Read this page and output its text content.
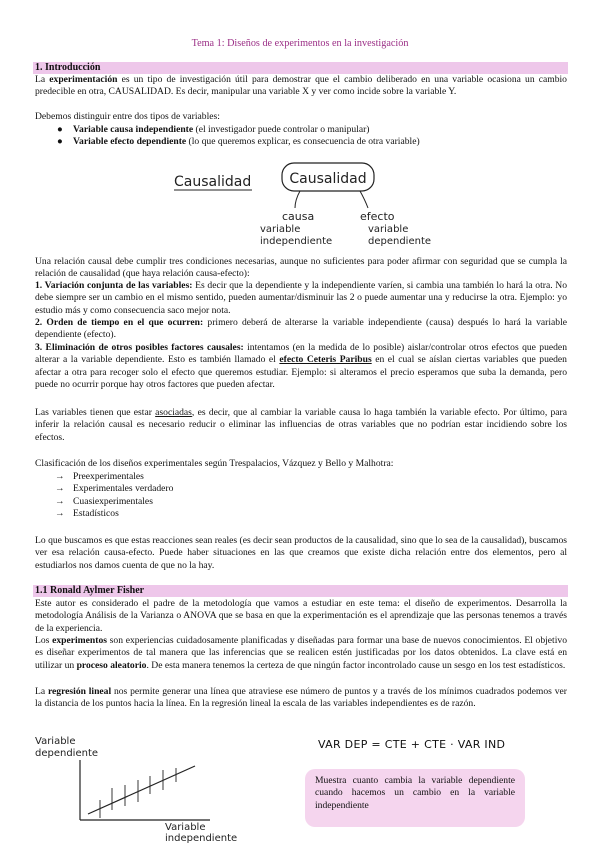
Tema 1: Diseños de experimentos en la investigación
1. Introducción
La experimentación es un tipo de investigación útil para demostrar que el cambio deliberado en una variable ocasiona un cambio predecible en otra, CAUSALIDAD. Es decir, manipular una variable X y ver como incide sobre la variable Y.
Debemos distinguir entre dos tipos de variables:
● Variable causa independiente (el investigador puede controlar o manipular)
● Variable efecto dependiente (lo que queremos explicar, es consecuencia de otra variable)
Causalidad	Causalidad
causa	efecto
variable
independiente
variable
dependiente
Una relación causal debe cumplir tres condiciones necesarias, aunque no suficientes para poder afirmar con seguridad que se cumpla la relación de causalidad (que haya relación causa-efecto):
1. Variación conjunta de las variables: Es decir que la dependiente y la independiente varíen, si cambia una también lo hará la otra. No debe siempre ser un cambio en el mismo sentido, pueden aumentar/disminuir las 2 o puede aumentar una y reducirse la otra. Ejemplo: yo estudio más y como consecuencia saco mejor nota.
2. Orden de tiempo en el que ocurren: primero deberá de alterarse la variable independiente (causa) después lo hará la variable dependiente (efecto).
3. Eliminación de otros posibles factores causales: intentamos (en la medida de lo posible) aislar/controlar otros efectos que pueden alterar a la variable dependiente. Esto es también llamado el efecto Ceteris Paribus en el cual se aíslan ciertas variables que pueden afectar a otra para recoger solo el efecto que queremos estudiar. Ejemplo: si alteramos el precio esperamos que suba la demanda, pero puede no ocurrir porque hay otros factores que pueden afectar.
Las variables tienen que estar asociadas, es decir, que al cambiar la variable causa lo haga también la variable efecto. Por último, para inferir la relación causal es necesario reducir o eliminar las influencias de otras variables que no podrían estar incidiendo sobre los efectos.
Clasificación de los diseños experimentales según Trespalacios, Vázquez y Bello y Malhotra:
→ Preexperimentales
→ Experimentales verdadero
→ Cuasiexperimentales
→ Estadísticos
Lo que buscamos es que estas reacciones sean reales (es decir sean productos de la causalidad, sino que lo sea de la causalidad), buscamos ver esa relación causa-efecto. Puede haber situaciones en las que creamos que existe dicha relación entre dos elementos, pero al estudiarlos nos damos cuenta de que no la hay.
1.1 Ronald Aylmer Fisher
Este autor es considerado el padre de la metodología que vamos a estudiar en este tema: el diseño de experimentos. Desarrolla la metodología Análisis de la Varianza o ANOVA que se basa en que la experimentación es el aprendizaje que las personas tenemos a través de la experiencia.
Los experimentos son experiencias cuidadosamente planificadas y diseñadas para formar una base de nuevos conocimientos. El objetivo es diseñar experimentos de tal manera que las inferencias que se realicen estén justificadas por los datos obtenidos. La clave está en utilizar un proceso aleatorio. De esta manera tenemos la certeza de que ningún factor incontrolado cause un sesgo en los test estadísticos.
La regresión lineal nos permite generar una línea que atraviese ese número de puntos y a través de los mínimos cuadrados podemos ver la distancia de los puntos hacia la línea. En la regresión lineal la escala de las variables independientes es de razón.
Variable
dependiente
Variable
independiente
VAR DEP = CTE + CTE · VAR IND
Muestra cuanto cambia la variable dependiente cuando hacemos un cambio en la variable independiente
